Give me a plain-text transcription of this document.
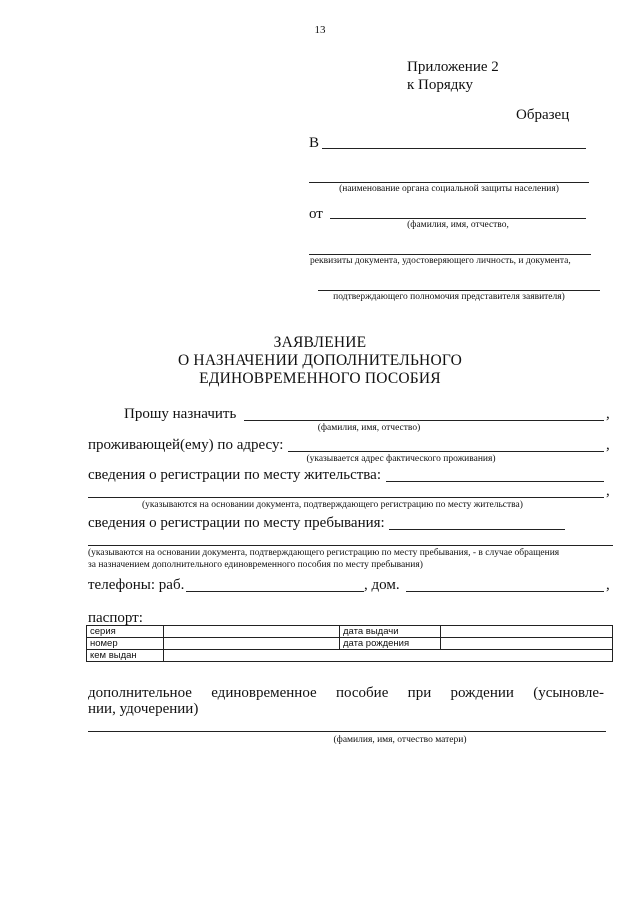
13
Приложение 2
к Порядку
Образец
В
(наименование органа социальной защиты населения)
от
(фамилия, имя, отчество,
реквизиты документа, удостоверяющего личность, и документа,
подтверждающего полномочия представителя заявителя)
ЗАЯВЛЕНИЕ
О НАЗНАЧЕНИИ ДОПОЛНИТЕЛЬНОГО
ЕДИНОВРЕМЕННОГО ПОСОБИЯ
Прошу назначить	,
(фамилия, имя, отчество)
проживающей(ему) по адресу:	,
(указывается адрес фактического проживания)
сведения о регистрации по месту жительства:
,
(указываются на основании документа, подтверждающего регистрацию по месту жительства)
сведения о регистрации по месту пребывания:
(указываются на основании документа, подтверждающего регистрацию по месту пребывания, - в случае обращения
за назначением дополнительного единовременного пособия по месту пребывания)
телефоны: раб.	, дом.	,
паспорт:
серия		дата выдачи	
номер		дата рождения	
кем выдан			
дополнительное единовременное пособие при рождении (усыновле-
нии, удочерении)
(фамилия, имя, отчество матери)
